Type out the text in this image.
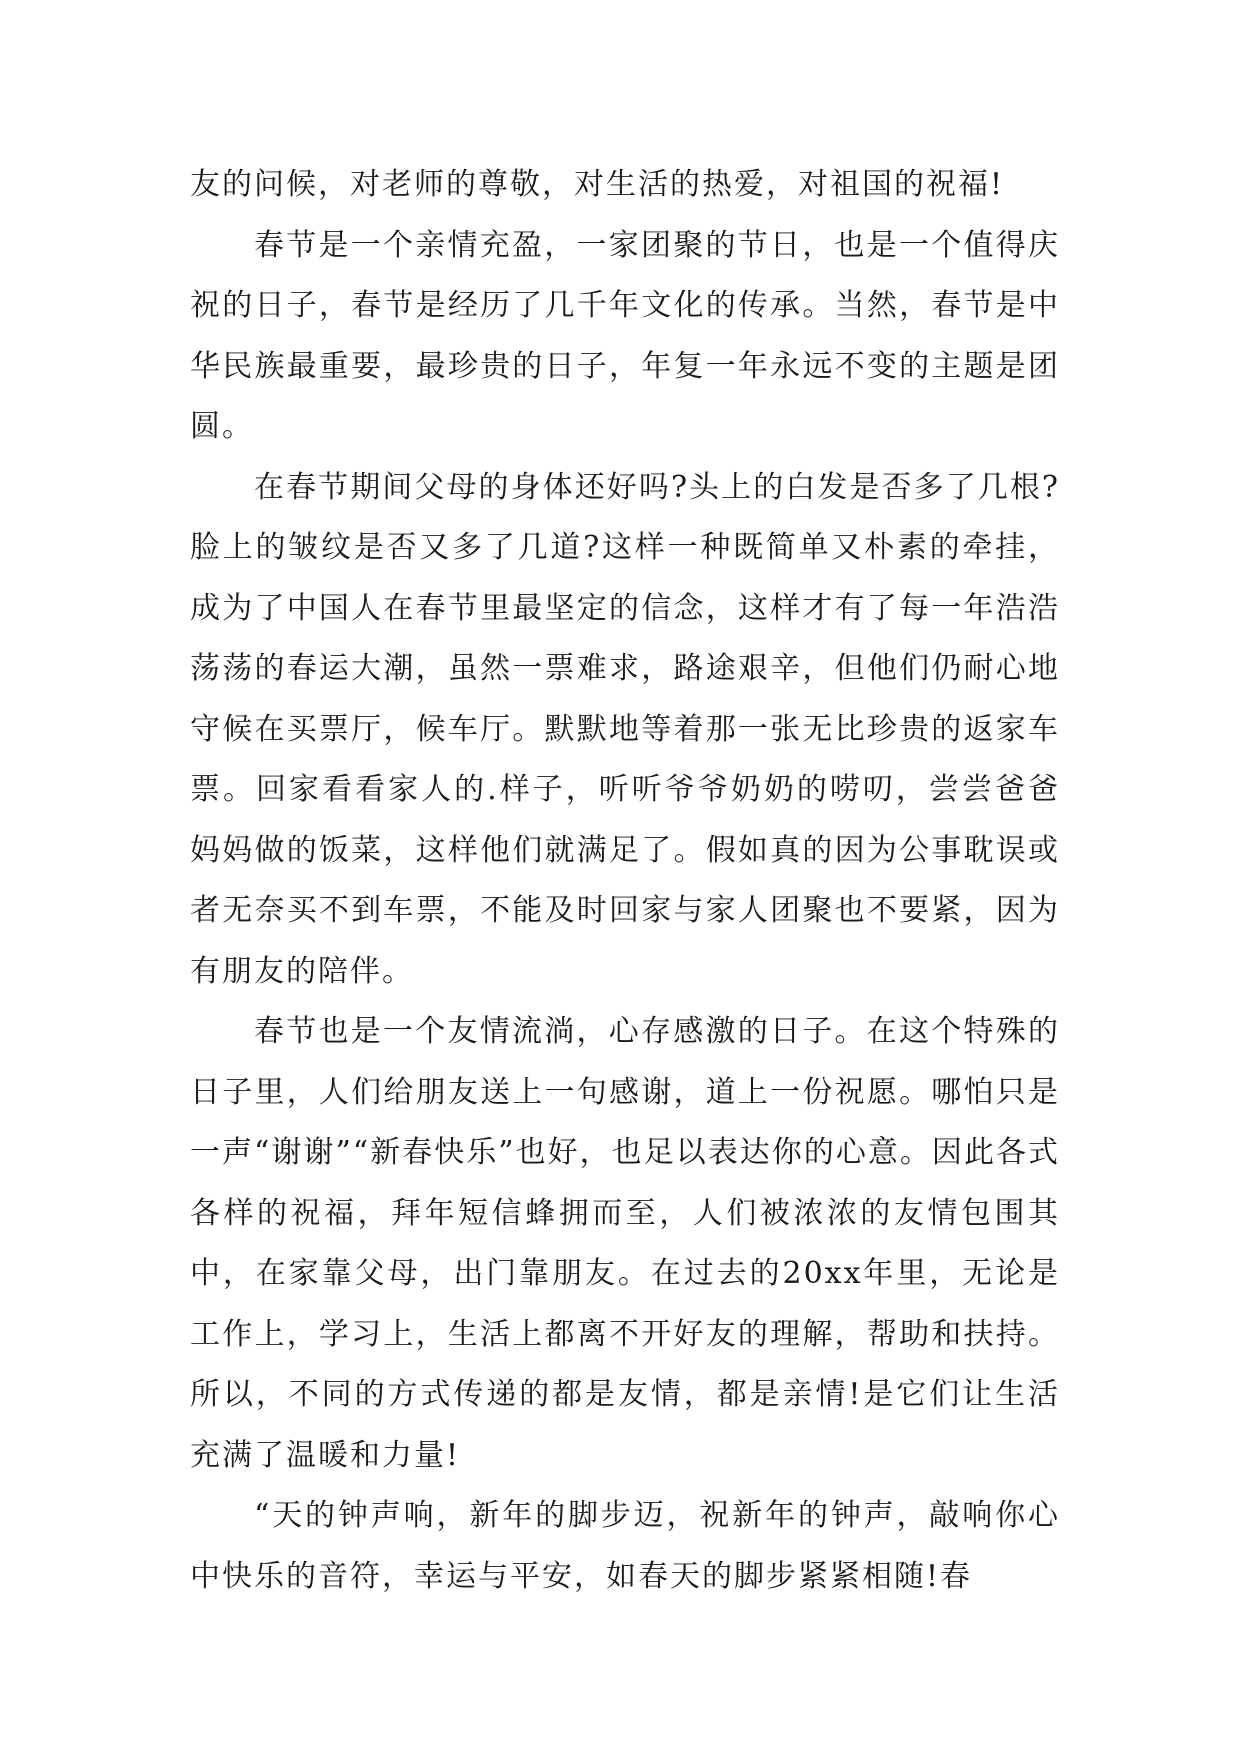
友的问候，对老师的尊敬，对生活的热爱，对祖国的祝福!

春节是一个亲情充盈，一家团聚的节日，也是一个值得庆祝的日子，春节是经历了几千年文化的传承。当然，春节是中华民族最重要，最珍贵的日子，年复一年永远不变的主题是团圆。

在春节期间父母的身体还好吗?头上的白发是否多了几根?脸上的皱纹是否又多了几道?这样一种既简单又朴素的牵挂，成为了中国人在春节里最坚定的信念，这样才有了每一年浩浩荡荡的春运大潮，虽然一票难求，路途艰辛，但他们仍耐心地守候在买票厅，候车厅。默默地等着那一张无比珍贵的返家车票。回家看看家人的.样子，听听爷爷奶奶的唠叨，尝尝爸爸妈妈做的饭菜，这样他们就满足了。假如真的因为公事耽误或者无奈买不到车票，不能及时回家与家人团聚也不要紧，因为有朋友的陪伴。

春节也是一个友情流淌，心存感激的日子。在这个特殊的日子里，人们给朋友送上一句感谢，道上一份祝愿。哪怕只是一声“谢谢”“新春快乐”也好，也足以表达你的心意。因此各式各样的祝福，拜年短信蜂拥而至，人们被浓浓的友情包围其中，在家靠父母，出门靠朋友。在过去的20xx年里，无论是工作上，学习上，生活上都离不开好友的理解，帮助和扶持。所以，不同的方式传递的都是友情，都是亲情!是它们让生活充满了温暖和力量!

“天的钟声响，新年的脚步迈，祝新年的钟声，敲响你心中快乐的音符，幸运与平安，如春天的脚步紧紧相随!春
